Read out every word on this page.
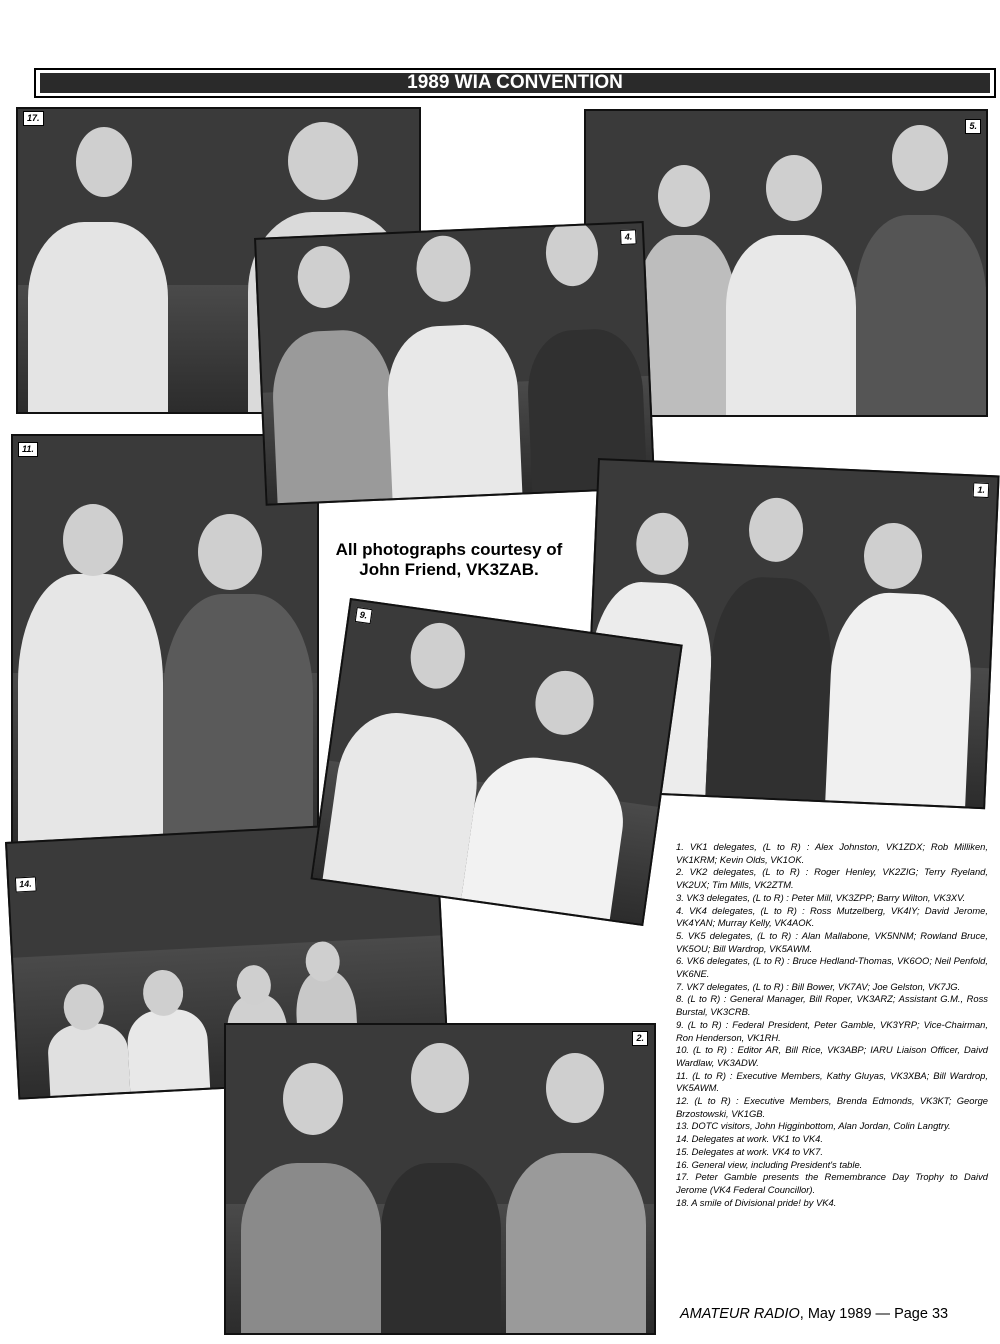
1989 WIA CONVENTION
17.
5.
11.
14.
2.
4.
1.
9.
All photographs courtesy of
John Friend, VK3ZAB.

1. VK1 delegates, (L to R) : Alex Johnston, VK1ZDX; Rob Milliken, VK1KRM; Kevin Olds, VK1OK.

2. VK2 delegates, (L to R) : Roger Henley, VK2ZIG; Terry Ryeland, VK2UX; Tim Mills, VK2ZTM.

3. VK3 delegates, (L to R) : Peter Mill, VK3ZPP; Barry Wilton, VK3XV.

4. VK4 delegates, (L to R) : Ross Mutzelberg, VK4IY; David Jerome, VK4YAN; Murray Kelly, VK4AOK.

5. VK5 delegates, (L to R) : Alan Mallabone, VK5NNM; Rowland Bruce, VK5OU; Bill Wardrop, VK5AWM.

6. VK6 delegates, (L to R) : Bruce Hedland-Thomas, VK6OO; Neil Penfold, VK6NE.

7. VK7 delegates, (L to R) : Bill Bower, VK7AV; Joe Gelston, VK7JG.

8. (L to R) : General Manager, Bill Roper, VK3ARZ; Assistant G.M., Ross Burstal, VK3CRB.

9. (L to R) : Federal President, Peter Gamble, VK3YRP; Vice-Chairman, Ron Henderson, VK1RH.

10. (L to R) : Editor AR, Bill Rice, VK3ABP; IARU Liaison Officer, Daivd Wardlaw, VK3ADW.

11. (L to R) : Executive Members, Kathy Gluyas, VK3XBA; Bill Wardrop, VK5AWM.

12. (L to R) : Executive Members, Brenda Edmonds, VK3KT; George Brzostowski, VK1GB.

13. DOTC visitors, John Higginbottom, Alan Jordan, Colin Langtry.

14. Delegates at work. VK1 to VK4.

15. Delegates at work. VK4 to VK7.

16. General view, including President's table.

17. Peter Gamble presents the Remembrance Day Trophy to Daivd Jerome (VK4 Federal Councillor).

18. A smile of Divisional pride! by VK4.

AMATEUR RADIO, May 1989 — Page 33
